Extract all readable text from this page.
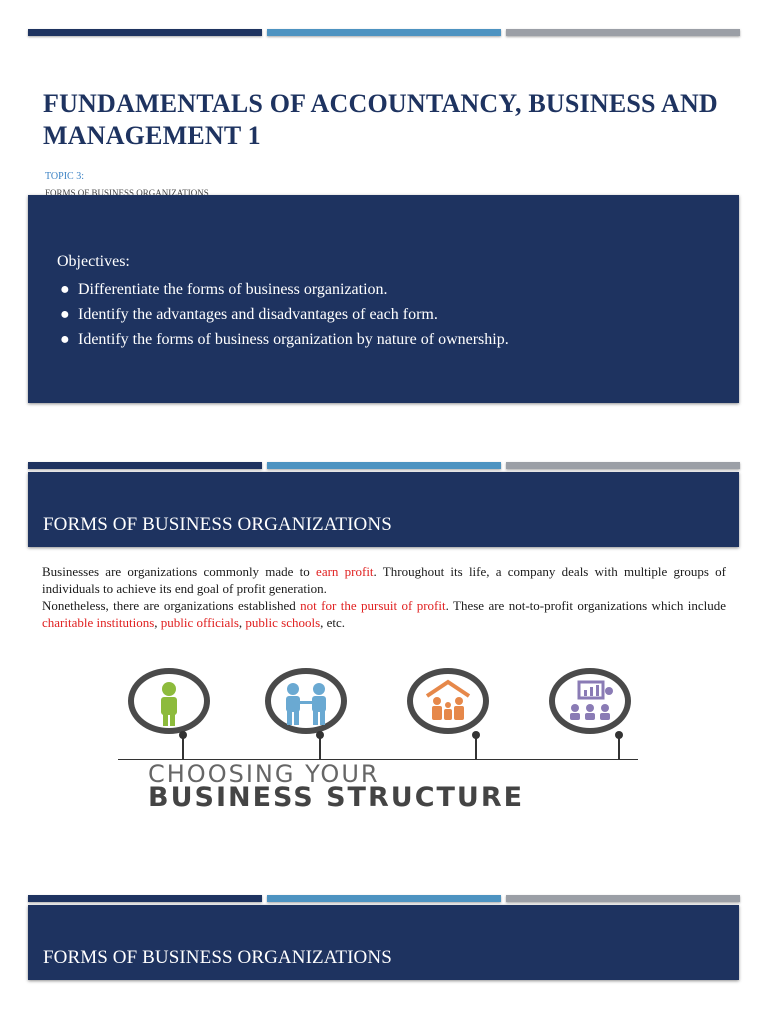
FUNDAMENTALS OF ACCOUNTANCY, BUSINESS AND MANAGEMENT 1
TOPIC 3:
FORMS OF BUSINESS ORGANIZATIONS
Objectives:
● Differentiate the forms of business organization.
● Identify the advantages and disadvantages of each form.
● Identify the forms of business organization by nature of ownership.
FORMS OF BUSINESS ORGANIZATIONS

Businesses are organizations commonly made to earn profit. Throughout its life, a company deals with multiple groups of individuals to achieve its end goal of profit generation.
Nonetheless, there are organizations established not for the pursuit of profit. These are not-to-profit organizations which include charitable institutions, public officials, public schools, etc.

CHOOSING YOUR
BUSINESS STRUCTURE
FORMS OF BUSINESS ORGANIZATIONS
